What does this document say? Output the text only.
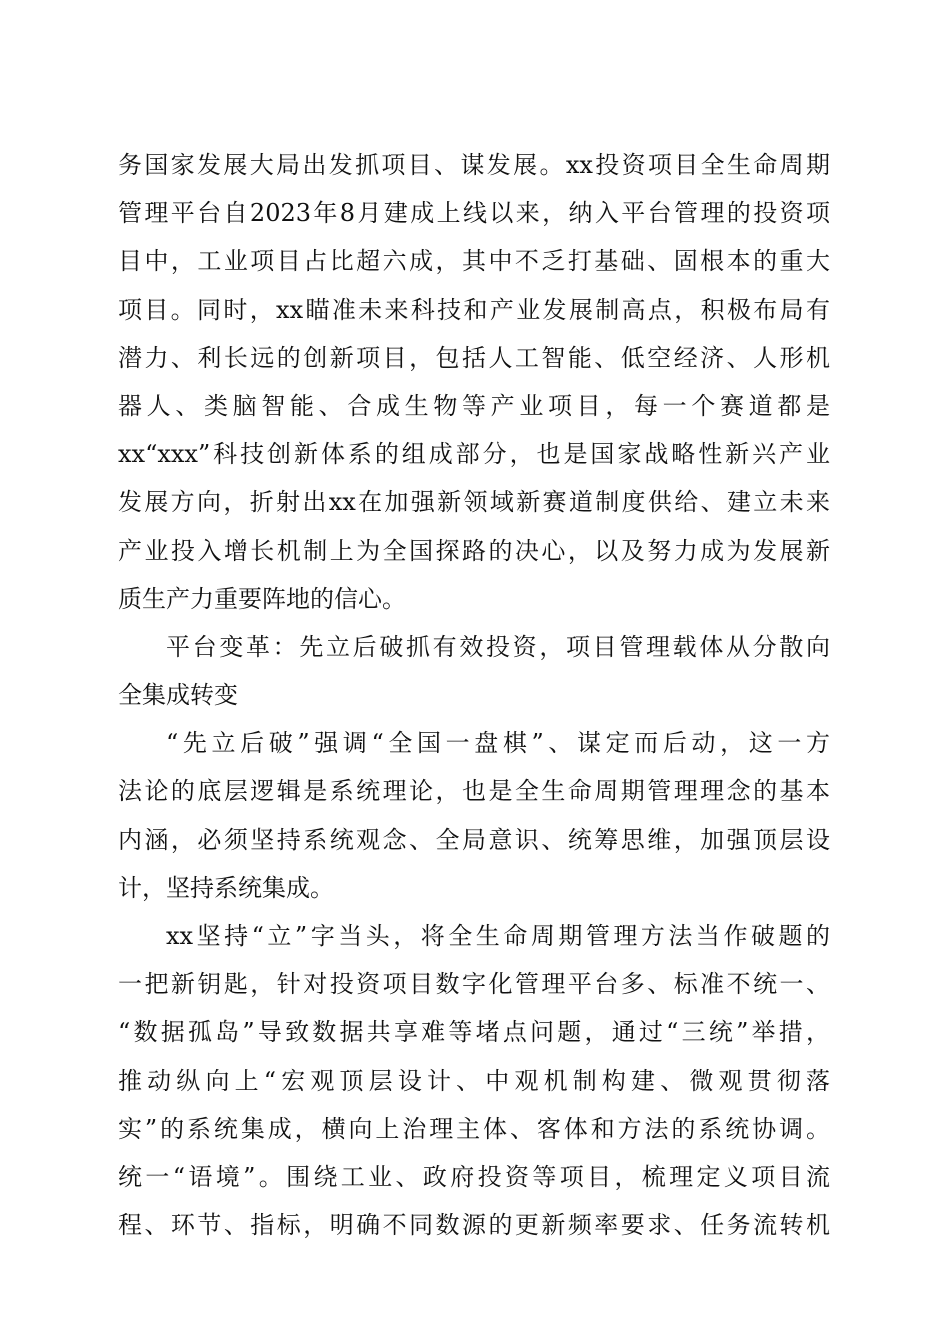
务国家发展大局出发抓项目、谋发展。xx投资项目全生命周期
管理平台自2023年8月建成上线以来，纳入平台管理的投资项
目中，工业项目占比超六成，其中不乏打基础、固根本的重大
项目。同时，xx瞄准未来科技和产业发展制高点，积极布局有
潜力、利长远的创新项目，包括人工智能、低空经济、人形机
器人、类脑智能、合成生物等产业项目，每一个赛道都是
xx“xxx”科技创新体系的组成部分，也是国家战略性新兴产业
发展方向，折射出xx在加强新领域新赛道制度供给、建立未来
产业投入增长机制上为全国探路的决心，以及努力成为发展新
质生产力重要阵地的信心。
平台变革：先立后破抓有效投资，项目管理载体从分散向
全集成转变
“先立后破”强调“全国一盘棋”、谋定而后动，这一方
法论的底层逻辑是系统理论，也是全生命周期管理理念的基本
内涵，必须坚持系统观念、全局意识、统筹思维，加强顶层设
计，坚持系统集成。
xx坚持“立”字当头，将全生命周期管理方法当作破题的
一把新钥匙，针对投资项目数字化管理平台多、标准不统一、
“数据孤岛”导致数据共享难等堵点问题，通过“三统”举措，
推动纵向上“宏观顶层设计、中观机制构建、微观贯彻落
实”的系统集成，横向上治理主体、客体和方法的系统协调。
统一“语境”。围绕工业、政府投资等项目，梳理定义项目流
程、环节、指标，明确不同数源的更新频率要求、任务流转机
